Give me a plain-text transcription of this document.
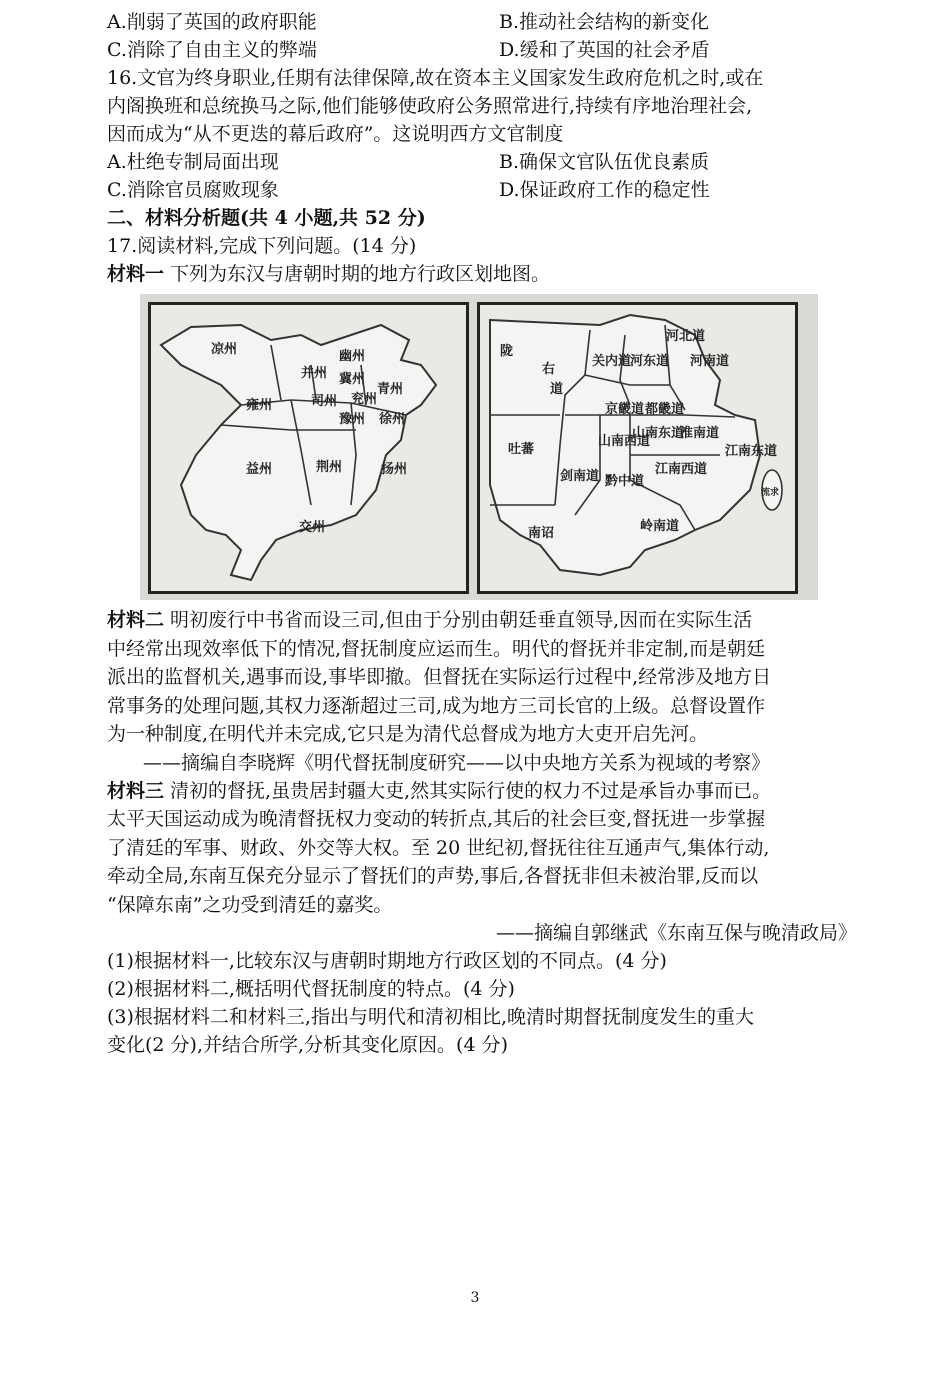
A.削弱了英国的政府职能	B.推动社会结构的新变化
C.消除了自由主义的弊端	D.缓和了英国的社会矛盾
16.文官为终身职业,任期有法律保障,故在资本主义国家发生政府危机之时,或在
内阁换班和总统换马之际,他们能够使政府公务照常进行,持续有序地治理社会,
因而成为“从不更迭的幕后政府”。这说明西方文官制度
A.杜绝专制局面出现	B.确保文官队伍优良素质
C.消除官员腐败现象	D.保证政府工作的稳定性
二、材料分析题(共 4 小题,共 52 分)
17.阅读材料,完成下列问题。(14 分)
材料一 下列为东汉与唐朝时期的地方行政区划地图。
凉州	幽州
并州 冀州
青州
司州 兖州
豫州 徐州
雍州
益州	荆州	扬州
交州
陇
右
道
关内道
河东道
河北道
河南道
京畿道 都畿道
山南东道
淮南道
山南西道
江南西道
江南东道
吐蕃
剑南道 黔中道
岭南道
南诏
流求
材料二 明初废行中书省而设三司,但由于分别由朝廷垂直领导,因而在实际生活
中经常出现效率低下的情况,督抚制度应运而生。明代的督抚并非定制,而是朝廷
派出的监督机关,遇事而设,事毕即撤。但督抚在实际运行过程中,经常涉及地方日
常事务的处理问题,其权力逐渐超过三司,成为地方三司长官的上级。总督设置作
为一种制度,在明代并未完成,它只是为清代总督成为地方大吏开启先河。
——摘编自李晓辉《明代督抚制度研究——以中央地方关系为视域的考察》
材料三 清初的督抚,虽贵居封疆大吏,然其实际行使的权力不过是承旨办事而已。
太平天国运动成为晚清督抚权力变动的转折点,其后的社会巨变,督抚进一步掌握
了清廷的军事、财政、外交等大权。至 20 世纪初,督抚往往互通声气,集体行动,
牵动全局,东南互保充分显示了督抚们的声势,事后,各督抚非但未被治罪,反而以
“保障东南”之功受到清廷的嘉奖。
——摘编自郭继武《东南互保与晚清政局》
(1)根据材料一,比较东汉与唐朝时期地方行政区划的不同点。(4 分)
(2)根据材料二,概括明代督抚制度的特点。(4 分)
(3)根据材料二和材料三,指出与明代和清初相比,晚清时期督抚制度发生的重大
变化(2 分),并结合所学,分析其变化原因。(4 分)
3
